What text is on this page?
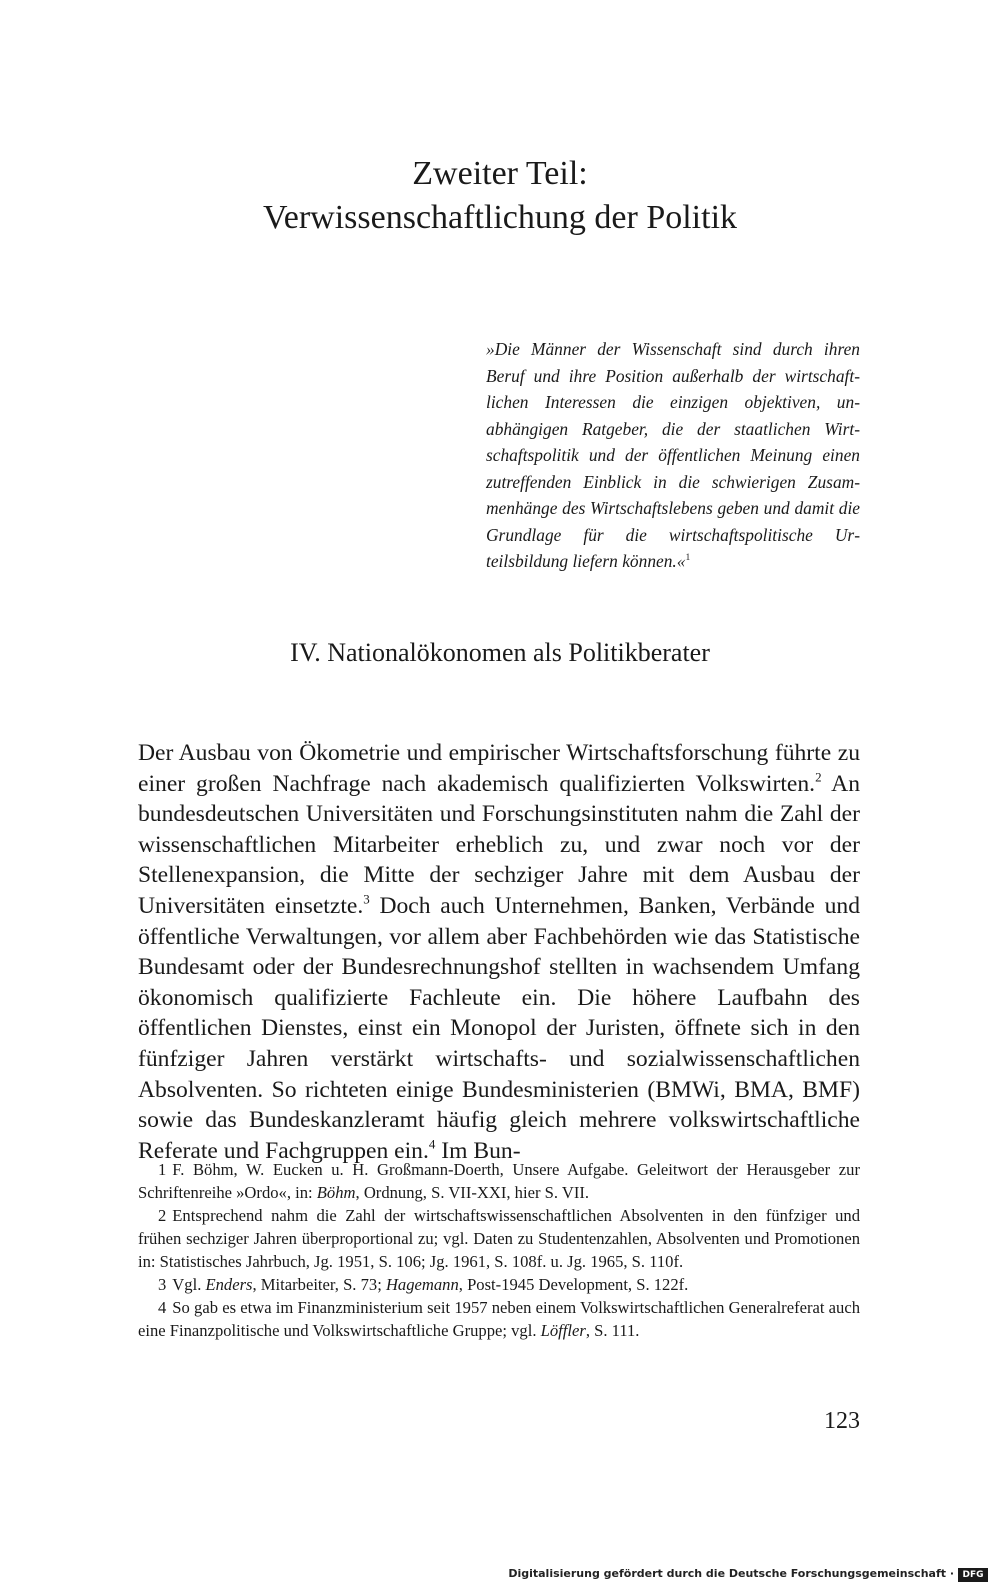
Zweiter Teil:
Verwissenschaftlichung der Politik

»Die Männer der Wissenschaft sind durch ihren Beruf und ihre Position außerhalb der wirtschaftlichen Interessen die einzigen objektiven, unabhängigen Ratgeber, die der staatlichen Wirtschaftspolitik und der öffentlichen Meinung einen zutreffenden Einblick in die schwierigen Zusammenhänge des Wirtschaftslebens geben und damit die Grundlage für die wirtschaftspolitische Urteilsbildung liefern können.«$^1$

IV. Nationalökonomen als Politikberater

Der Ausbau von Ökometrie und empirischer Wirtschaftsforschung führte zu einer großen Nachfrage nach akademisch qualifizierten Volkswirten.$^2$ An bundesdeutschen Universitäten und Forschungsinstituten nahm die Zahl der wissenschaftlichen Mitarbeiter erheblich zu, und zwar noch vor der Stellenexpansion, die Mitte der sechziger Jahre mit dem Ausbau der Universitäten einsetzte.$^3$ Doch auch Unternehmen, Banken, Verbände und öffentliche Verwaltungen, vor allem aber Fachbehörden wie das Statistische Bundesamt oder der Bundesrechnungshof stellten in wachsendem Umfang ökonomisch qualifizierte Fachleute ein. Die höhere Laufbahn des öffentlichen Dienstes, einst ein Monopol der Juristen, öffnete sich in den fünfziger Jahren verstärkt wirtschafts- und sozialwissenschaftlichen Absolventen. So richteten einige Bundesministerien (BMWi, BMA, BMF) sowie das Bundeskanzleramt häufig gleich mehrere volkswirtschaftliche Referate und Fachgruppen ein.$^4$ Im Bun-

1 F. Böhm, W. Eucken u. H. Großmann-Doerth, Unsere Aufgabe. Geleitwort der Herausgeber zur Schriftenreihe »Ordo«, in: Böhm, Ordnung, S. VII-XXI, hier S. VII.

2 Entsprechend nahm die Zahl der wirtschaftswissenschaftlichen Absolventen in den fünfziger und frühen sechziger Jahren überproportional zu; vgl. Daten zu Studentenzahlen, Absolventen und Promotionen in: Statistisches Jahrbuch, Jg. 1951, S. 106; Jg. 1961, S. 108f. u. Jg. 1965, S. 110f.

3 Vgl. Enders, Mitarbeiter, S. 73; Hagemann, Post-1945 Development, S. 122f.

4 So gab es etwa im Finanzministerium seit 1957 neben einem Volkswirtschaftlichen Generalreferat auch eine Finanzpolitische und Volkswirtschaftliche Gruppe; vgl. Löffler, S. 111.

123
Digitalisierung gefördert durch die Deutsche Forschungsgemeinschaft · DFG
